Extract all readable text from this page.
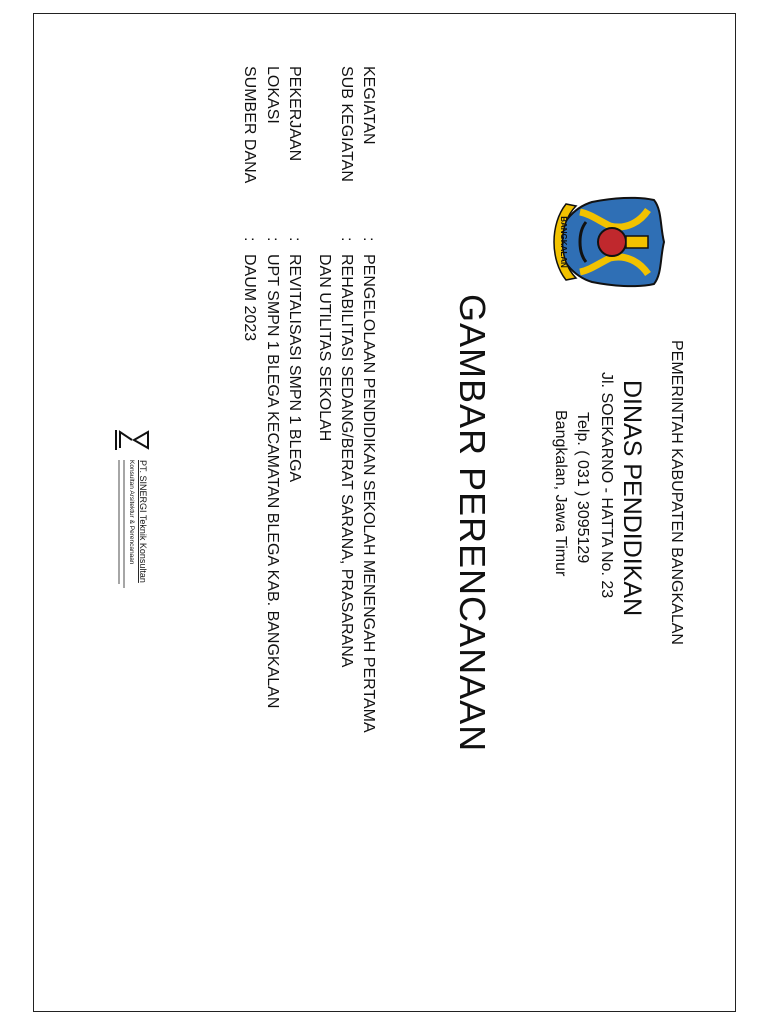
BANGKALAN
PEMERINTAH KABUPATEN BANGKALAN
DINAS PENDIDIKAN
Jl. SOEKARNO - HATTA No. 23
Telp. ( 031 ) 3095129
Bangkalan, Jawa Timur
GAMBAR PERENCANAAN
KEGIATAN
:
PENGELOLAAN PENDIDIKAN SEKOLAH MENENGAH PERTAMA
SUB KEGIATAN
:
REHABILITASI SEDANG/BERAT SARANA, PRASARANA
DAN UTILITAS SEKOLAH
PEKERJAAN
:
REVITALISASI SMPN 1 BLEGA
LOKASI
:
UPT SMPN 1 BLEGA KECAMATAN BLEGA KAB. BANGKALAN
SUMBER DANA
:
DAUM 2023
PT. SINERGI Teknik Konsultan
Konsultan Arsitektur & Perencanaan
